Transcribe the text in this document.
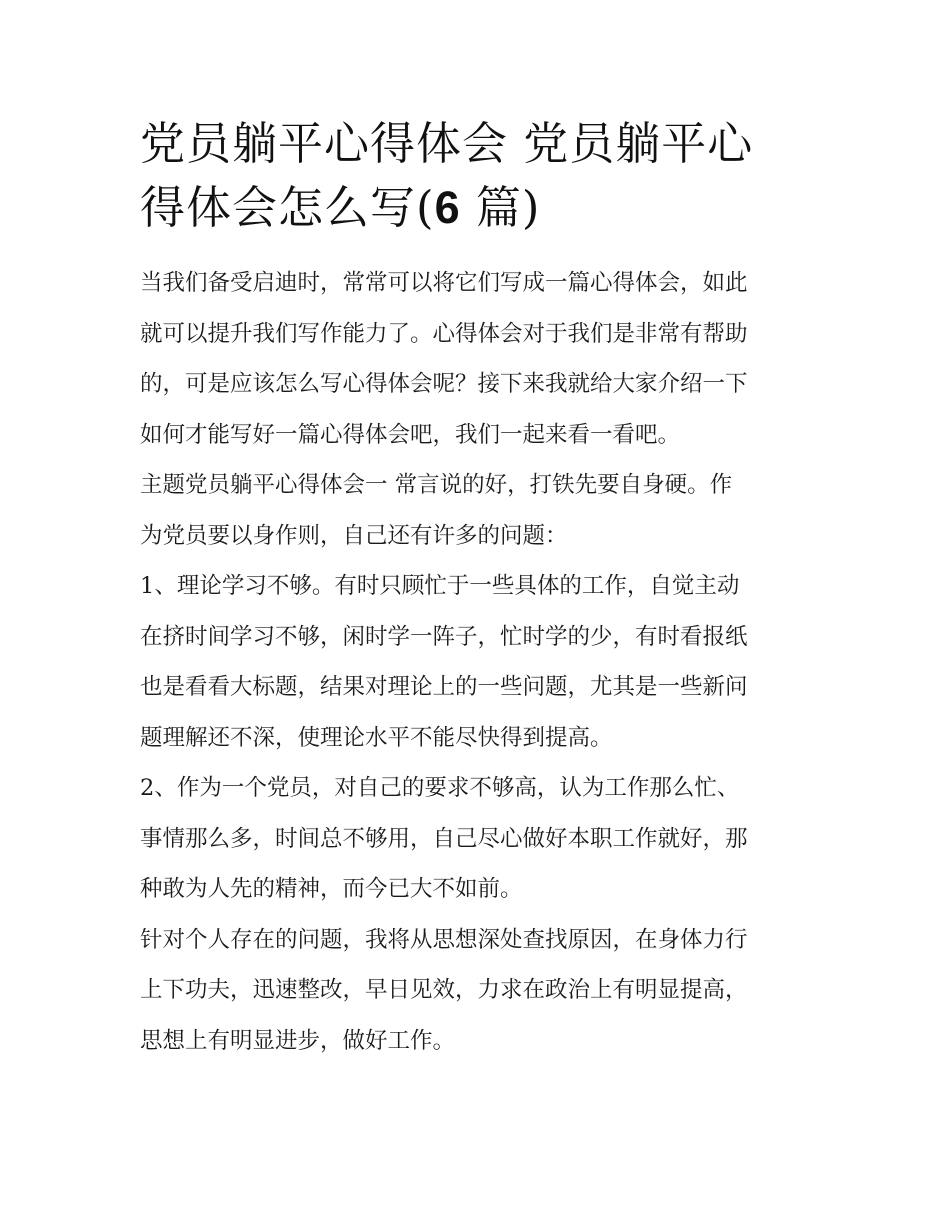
党员躺平心得体会 党员躺平心
得体会怎么写(6 篇)

当我们备受启迪时，常常可以将它们写成一篇心得体会，如此
就可以提升我们写作能力了。心得体会对于我们是非常有帮助
的，可是应该怎么写心得体会呢？接下来我就给大家介绍一下
如何才能写好一篇心得体会吧，我们一起来看一看吧。

主题党员躺平心得体会一 常言说的好，打铁先要自身硬。作
为党员要以身作则，自己还有许多的问题：

1、理论学习不够。有时只顾忙于一些具体的工作，自觉主动
在挤时间学习不够，闲时学一阵子，忙时学的少，有时看报纸
也是看看大标题，结果对理论上的一些问题，尤其是一些新问
题理解还不深，使理论水平不能尽快得到提高。

2、作为一个党员，对自己的要求不够高，认为工作那么忙、
事情那么多，时间总不够用，自己尽心做好本职工作就好，那
种敢为人先的精神，而今已大不如前。

针对个人存在的问题，我将从思想深处查找原因，在身体力行
上下功夫，迅速整改，早日见效，力求在政治上有明显提高，
思想上有明显进步，做好工作。
